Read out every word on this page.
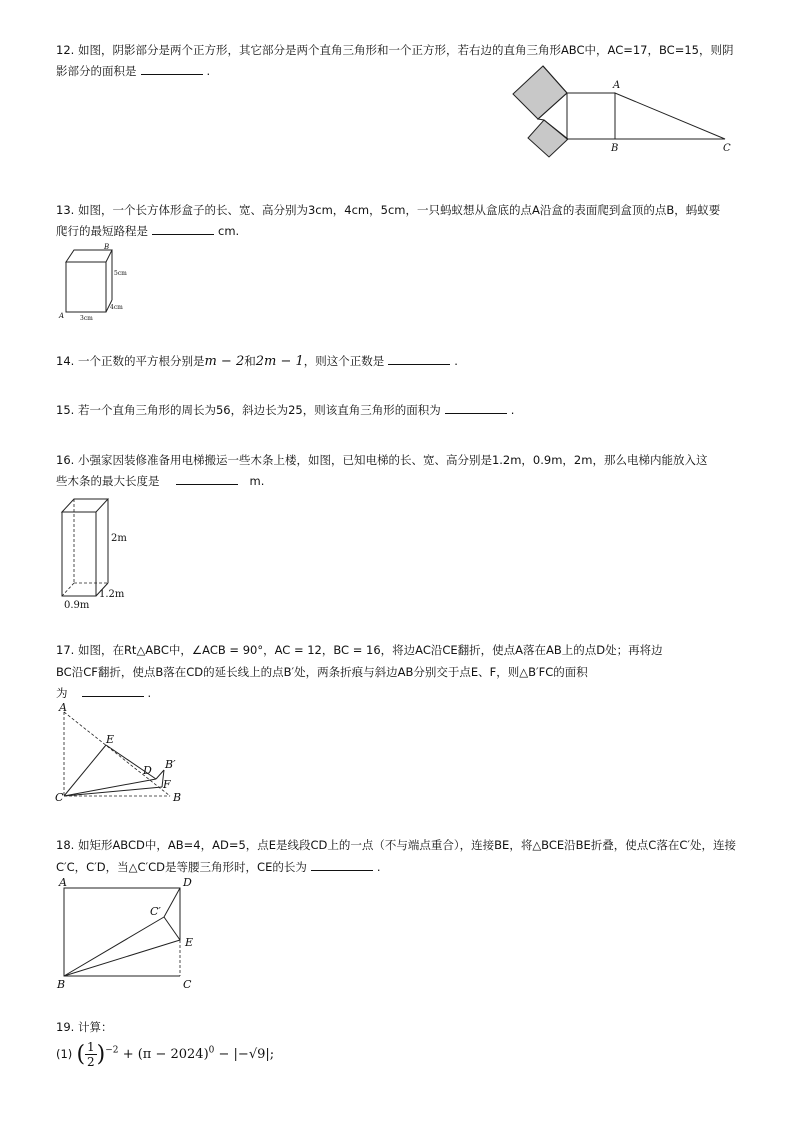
12. 如图，阴影部分是两个正方形，其它部分是两个直角三角形和一个正方形，若右边的直角三角形ABC中，AC=17，BC=15，则阴
影部分的面积是	.
A
B	C
13. 如图，一个长方体形盒子的长、宽、高分别为3cm，4cm，5cm，一只蚂蚁想从盒底的点A沿盒的表面爬到盒顶的点B，蚂蚁要
爬行的最短路程是	cm.
B
A
5cm
4cm
3cm
14. 一个正数的平方根分别是m − 2和2m − 1，则这个正数是	.
15. 若一个直角三角形的周长为56，斜边长为25，则该直角三角形的面积为	.
16. 小强家因装修准备用电梯搬运一些木条上楼，如图，已知电梯的长、宽、高分别是1.2m，0.9m，2m，那么电梯内能放入这
些木条的最大长度是	m.
2m
1.2m
0.9m
17. 如图，在Rt△ABC中，∠ACB = 90°，AC = 12，BC = 16，将边AC沿CE翻折，使点A落在AB上的点D处；再将边
BC沿CF翻折，使点B落在CD的延长线上的点B′处，两条折痕与斜边AB分别交于点E、F，则△B′FC的面积
为	.
A
E
D B′
F
C	B
18. 如矩形ABCD中，AB=4，AD=5，点E是线段CD上的一点（不与端点重合），连接BE，将△BCE沿BE折叠，使点C落在C′处，连接
C′C，C′D，当△C′CD是等腰三角形时，CE的长为	.
A	D
C′
E
B	C
19. 计算：
(1) ( $\frac{1}{2} )^{-2} + (\pi - 2024)^0 - |-√9|$;
